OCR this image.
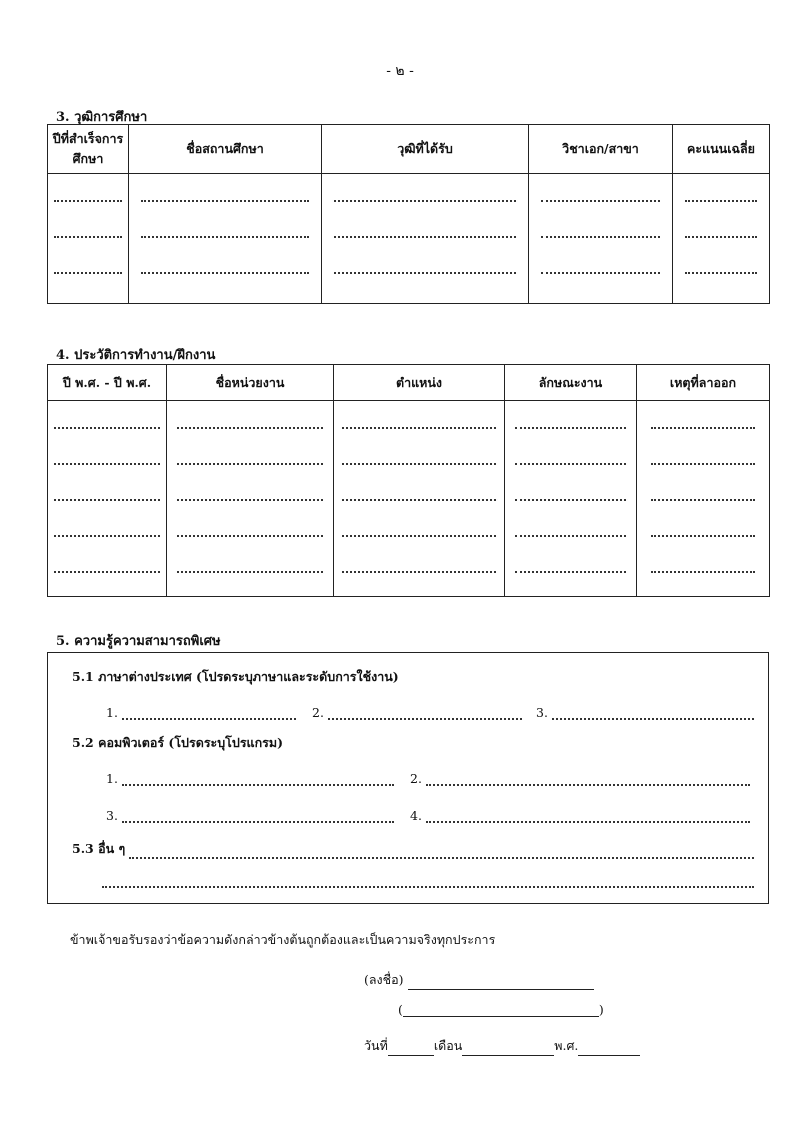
- ๒ -
3. วุฒิการศึกษา
ปีที่สำเร็จการศึกษา	ชื่อสถานศึกษา	วุฒิที่ได้รับ	วิชาเอก/สาขา	คะแนนเฉลี่ย

4. ประวัติการทำงาน/ฝึกงาน
ปี พ.ศ. - ปี พ.ศ.	ชื่อหน่วยงาน	ตำแหน่ง	ลักษณะงาน	เหตุที่ลาออก

5. ความรู้ความสามารถพิเศษ
5.1 ภาษาต่างประเทศ (โปรดระบุภาษาและระดับการใช้งาน)
1.	2.	3.
5.2 คอมพิวเตอร์ (โปรดระบุโปรแกรม)
1.	2.
3.	4.
5.3 อื่น ๆ
ข้าพเจ้าขอรับรองว่าข้อความดังกล่าวข้างต้นถูกต้องและเป็นความจริงทุกประการ
(ลงชื่อ)
(	)
วันที่	เดือน	พ.ศ.
